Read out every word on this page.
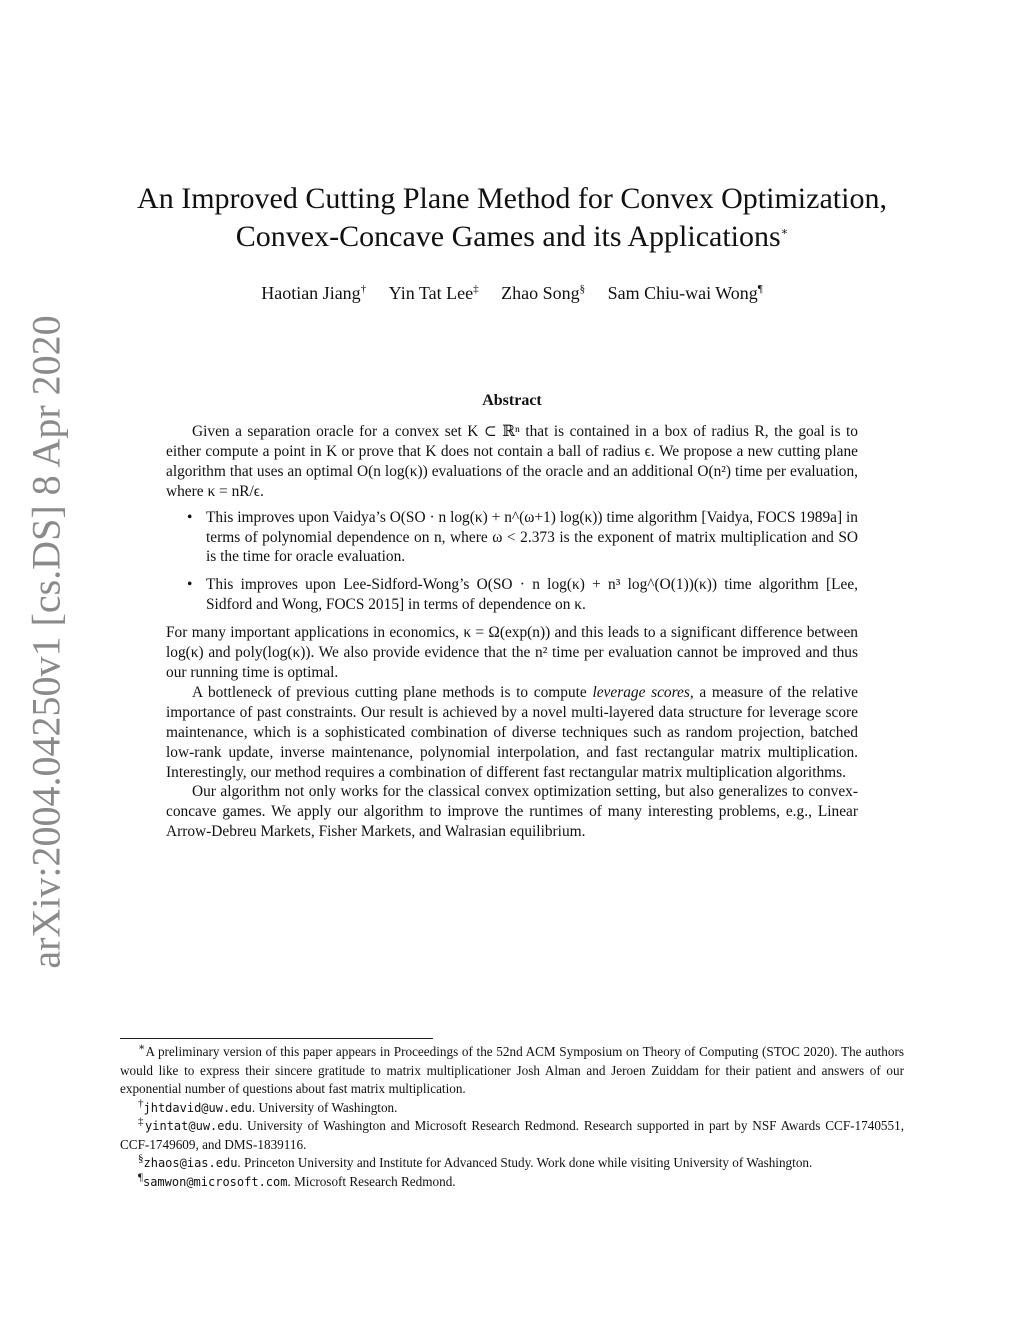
arXiv:2004.04250v1 [cs.DS] 8 Apr 2020
An Improved Cutting Plane Method for Convex Optimization,
Convex-Concave Games and its Applications∗
Haotian Jiang† Yin Tat Lee‡ Zhao Song§ Sam Chiu-wai Wong¶
Abstract

Given a separation oracle for a convex set K ⊂ ℝⁿ that is contained in a box of radius R, the goal is to either compute a point in K or prove that K does not contain a ball of radius ϵ. We propose a new cutting plane algorithm that uses an optimal O(n log(κ)) evaluations of the oracle and an additional O(n²) time per evaluation, where κ = nR/ϵ.

• This improves upon Vaidya’s O(SO · n log(κ) + n^(ω+1) log(κ)) time algorithm [Vaidya, FOCS 1989a] in terms of polynomial dependence on n, where ω < 2.373 is the exponent of matrix multiplication and SO is the time for oracle evaluation.
• This improves upon Lee-Sidford-Wong’s O(SO · n log(κ) + n³ log^(O(1))(κ)) time algorithm [Lee, Sidford and Wong, FOCS 2015] in terms of dependence on κ.

For many important applications in economics, κ = Ω(exp(n)) and this leads to a significant difference between log(κ) and poly(log(κ)). We also provide evidence that the n² time per evaluation cannot be improved and thus our running time is optimal.

A bottleneck of previous cutting plane methods is to compute leverage scores, a measure of the relative importance of past constraints. Our result is achieved by a novel multi-layered data structure for leverage score maintenance, which is a sophisticated combination of diverse techniques such as random projection, batched low-rank update, inverse maintenance, polynomial interpolation, and fast rectangular matrix multiplication. Interestingly, our method requires a combination of different fast rectangular matrix multiplication algorithms.

Our algorithm not only works for the classical convex optimization setting, but also generalizes to convex-concave games. We apply our algorithm to improve the runtimes of many interesting problems, e.g., Linear Arrow-Debreu Markets, Fisher Markets, and Walrasian equilibrium.

∗A preliminary version of this paper appears in Proceedings of the 52nd ACM Symposium on Theory of Computing (STOC 2020). The authors would like to express their sincere gratitude to matrix multiplicationer Josh Alman and Jeroen Zuiddam for their patient and answers of our exponential number of questions about fast matrix multiplication.

†jhtdavid@uw.edu. University of Washington.

‡yintat@uw.edu. University of Washington and Microsoft Research Redmond. Research supported in part by NSF Awards CCF-1740551, CCF-1749609, and DMS-1839116.

§zhaos@ias.edu. Princeton University and Institute for Advanced Study. Work done while visiting University of Washington.

¶samwon@microsoft.com. Microsoft Research Redmond.
